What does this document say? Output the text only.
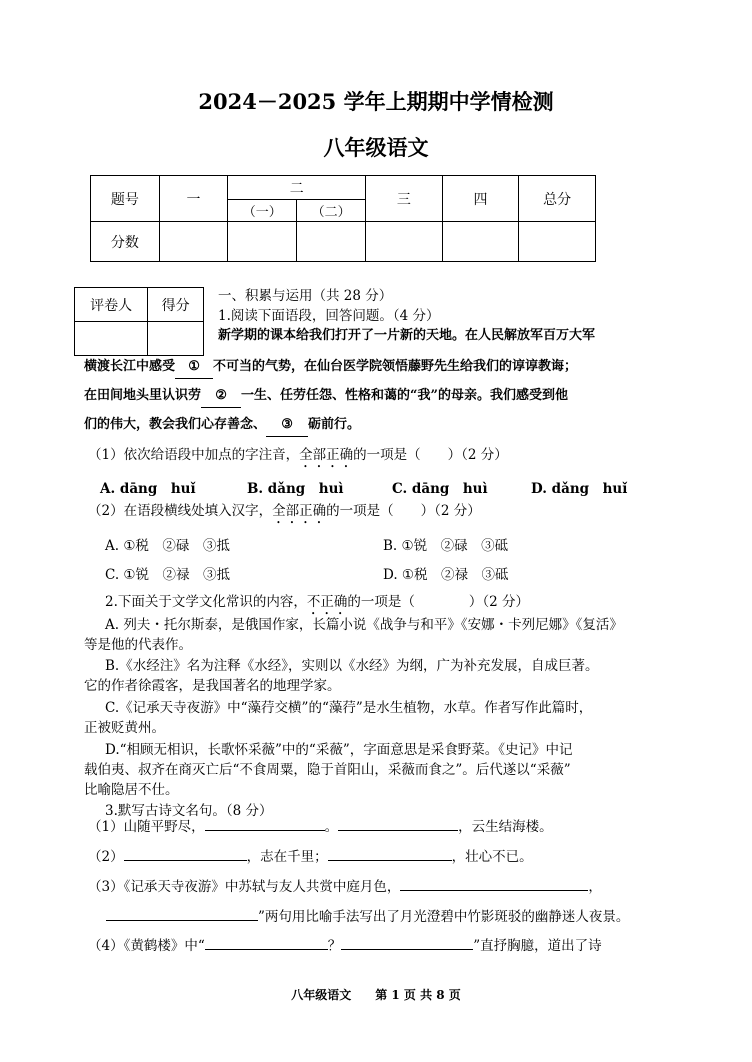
2024－2025 学年上期期中学情检测
八年级语文
题号	一	二		三	四	总分
		（一）	（二）			
分数						
评卷人	得分

一、积累与运用（共 28 分）
1.阅读下面语段，回答问题。（4 分）
新学期的课本给我们打开了一片新的天地。在人民解放军百万大军
横渡长江中感受 ① 不可当的气势，在仙台医学院领悟藤野先生给我们的谆谆教诲；
在田间地头里认识劳 ② 一生、任劳任怨、性格和蔼的“我”的母亲。我们感受到他
们的伟大，教会我们心存善念、 ③ 砺前行。
（1）依次给语段中加点的字注音，全部正确的一项是（　　）（2 分）
A. dāng　huǐ	B. dǎng　huì	C. dāng　huì	D. dǎng　huǐ
（2）在语段横线处填入汉字，全部正确的一项是（　　）（2 分）
A. ①税　②碌　③抵	B. ①锐　②碌　③砥
C. ①锐　②禄　③抵	D. ①税　②禄　③砥
2.下面关于文学文化常识的内容，不正确的一项是（　　　　）（2 分）
A. 列夫・托尔斯泰，是俄国作家，长篇小说《战争与和平》《安娜・卡列尼娜》《复活》
等是他的代表作。
B.《水经注》名为注释《水经》，实则以《水经》为纲，广为补充发展，自成巨著。
它的作者徐霞客，是我国著名的地理学家。
C.《记承天寺夜游》中“藻荇交横”的“藻荇”是水生植物，水草。作者写作此篇时，
正被贬黄州。
D.“相顾无相识，长歌怀采薇”中的“采薇”，字面意思是采食野菜。《史记》中记
载伯夷、叔齐在商灭亡后“不食周粟，隐于首阳山，采薇而食之”。后代遂以“采薇”
比喻隐居不仕。
3.默写古诗文名句。（8 分）
（1）山随平野尽，	。	，云生结海楼。
（2）	，志在千里；	，壮心不已。
（3）《记承天寺夜游》中苏轼与友人共赏中庭月色，	，
”两句用比喻手法写出了月光澄碧中竹影斑驳的幽静迷人夜景。
（4）《黄鹤楼》中“	？	”直抒胸臆，道出了诗
八年级语文　　第 1 页 共 8 页
